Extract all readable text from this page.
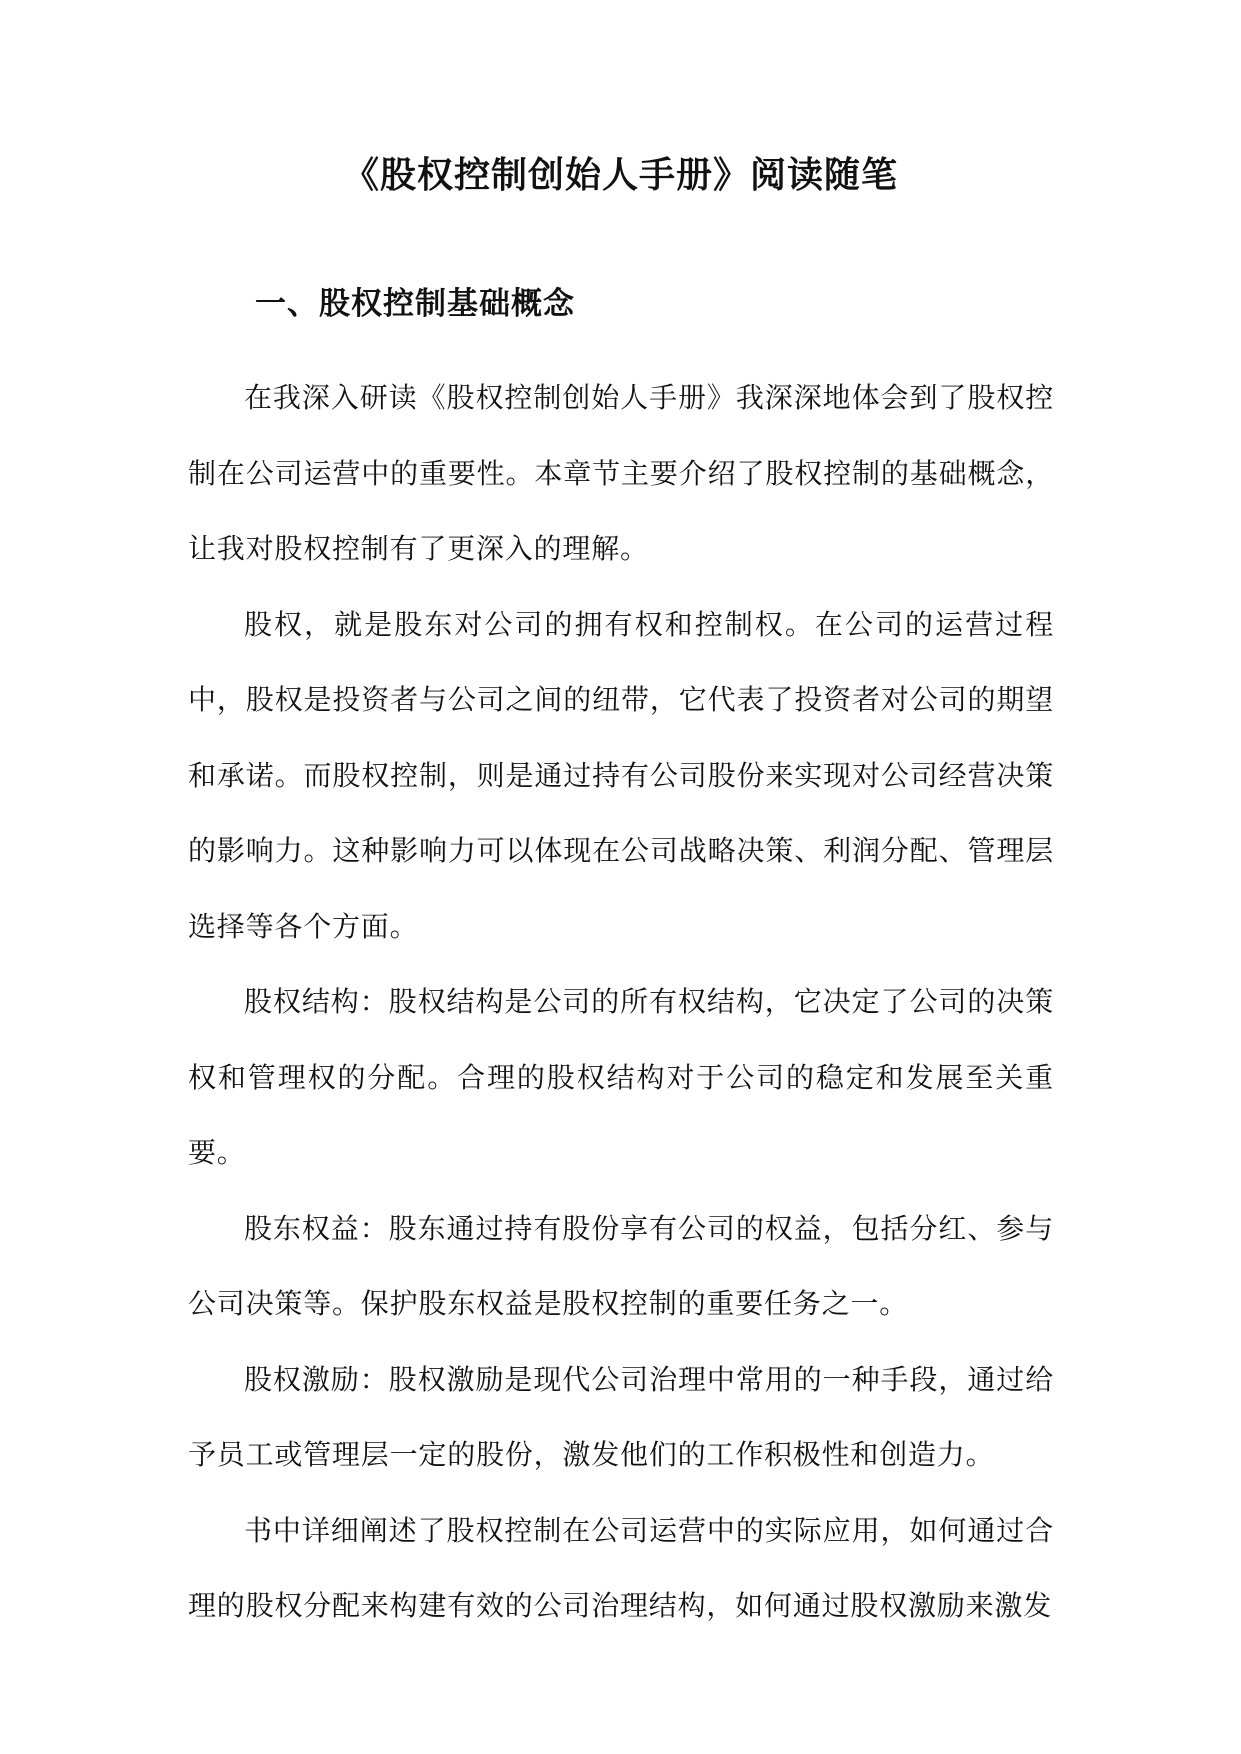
《股权控制创始人手册》阅读随笔
一、股权控制基础概念

在我深入研读《股权控制创始人手册》我深深地体会到了股权控制在公司运营中的重要性。本章节主要介绍了股权控制的基础概念，让我对股权控制有了更深入的理解。

股权，就是股东对公司的拥有权和控制权。在公司的运营过程中，股权是投资者与公司之间的纽带，它代表了投资者对公司的期望和承诺。而股权控制，则是通过持有公司股份来实现对公司经营决策的影响力。这种影响力可以体现在公司战略决策、利润分配、管理层选择等各个方面。

股权结构：股权结构是公司的所有权结构，它决定了公司的决策权和管理权的分配。合理的股权结构对于公司的稳定和发展至关重要。

股东权益：股东通过持有股份享有公司的权益，包括分红、参与公司决策等。保护股东权益是股权控制的重要任务之一。

股权激励：股权激励是现代公司治理中常用的一种手段，通过给予员工或管理层一定的股份，激发他们的工作积极性和创造力。

书中详细阐述了股权控制在公司运营中的实际应用，如何通过合理的股权分配来构建有效的公司治理结构，如何通过股权激励来激发
